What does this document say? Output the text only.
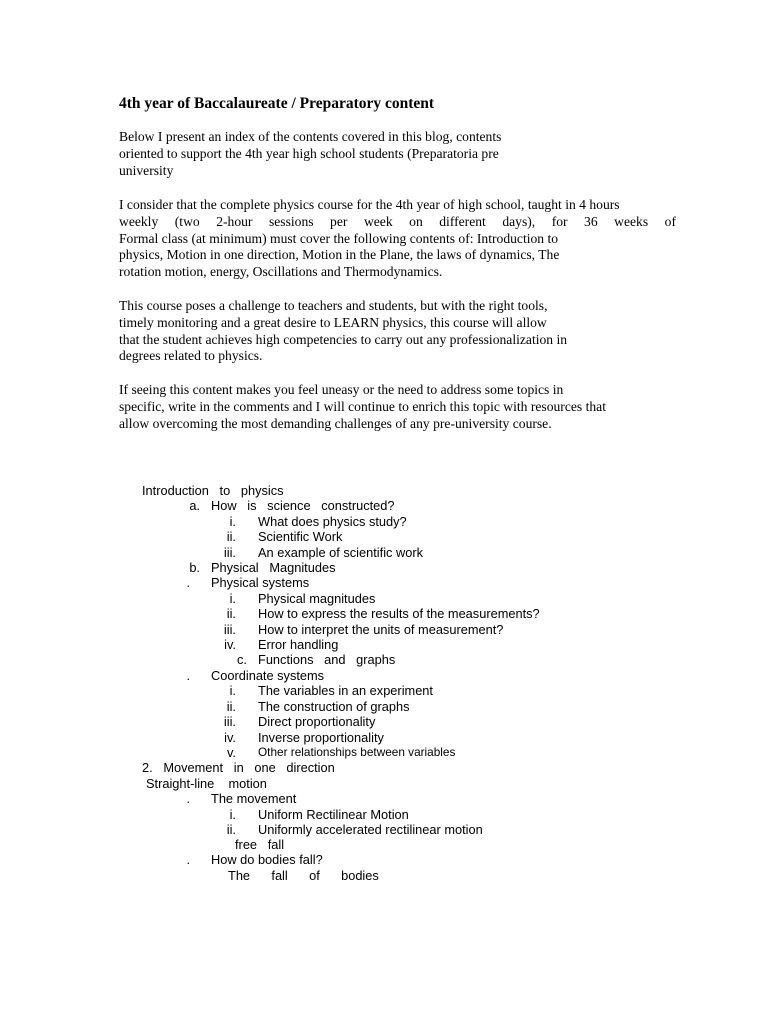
4th year of Baccalaureate / Preparatory content
Below I present an index of the contents covered in this blog, contents
oriented to support the 4th year high school students (Preparatoria pre
university
I consider that the complete physics course for the 4th year of high school, taught in 4 hours
weekly (two 2-hour sessions per week on different days), for 36 weeks of
Formal class (at minimum) must cover the following contents of: Introduction to
physics, Motion in one direction, Motion in the Plane, the laws of dynamics, The
rotation motion, energy, Oscillations and Thermodynamics.
This course poses a challenge to teachers and students, but with the right tools,
timely monitoring and a great desire to LEARN physics, this course will allow
that the student achieves high competencies to carry out any professionalization in
degrees related to physics.
If seeing this content makes you feel uneasy or the need to address some topics in
specific, write in the comments and I will continue to enrich this topic with resources that
allow overcoming the most demanding challenges of any pre-university course.
Introduction   to   physics
a. How   is   science   constructed?
i. What does physics study?
ii. Scientific Work
iii. An example of scientific work
b. Physical   Magnitudes
. Physical systems
i. Physical magnitudes
ii. How to express the results of the measurements?
iii. How to interpret the units of measurement?
iv. Error handling
c. Functions   and   graphs
. Coordinate systems
i. The variables in an experiment
ii. The construction of graphs
iii. Direct proportionality
iv. Inverse proportionality
v. Other relationships between variables
2.   Movement   in   one   direction
Straight-line    motion
. The movement
i. Uniform Rectilinear Motion
ii. Uniformly accelerated rectilinear motion
free   fall
. How do bodies fall?
The      fall      of      bodies
